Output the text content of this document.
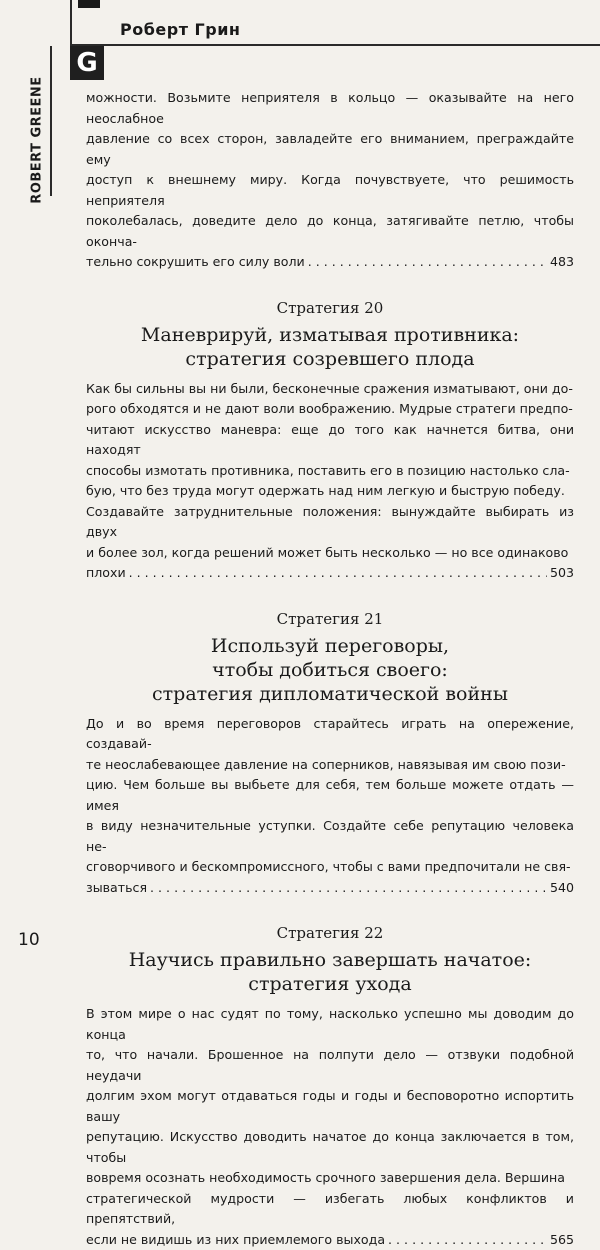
Роберт Грин
G
ROBERT GREENE	можности. Возьмите неприятеля в кольцо — оказывайте на него неослабное

давление со всех сторон, завладейте его вниманием, преграждайте ему

доступ к внешнему миру. Когда почувствуете, что решимость неприятеля

поколебалась, доведите дело до конца, затягивайте петлю, чтобы оконча-

тельно сокрушить его силу воли . . .	483
Стратегия 20
Маневрируй, изматывая противника:
стратегия созревшего плода

Как бы сильны вы ни были, бесконечные сражения изматывают, они до-

рого обходятся и не дают воли воображению. Мудрые стратеги предпо-

читают искусство маневра: еще до того как начнется битва, они находят

способы измотать противника, поставить его в позицию настолько сла-

бую, что без труда могут одержать над ним легкую и быструю победу.

Создавайте затруднительные положения: вынуждайте выбирать из двух

и более зол, когда решений может быть несколько — но все одинаково

плохи . . .	503
Стратегия 21
Используй переговоры,
чтобы добиться своего:
стратегия дипломатической войны

До и во время переговоров старайтесь играть на опережение, создавай-

те неослабевающее давление на соперников, навязывая им свою пози-

цию. Чем больше вы выбьете для себя, тем больше можете отдать — имея

в виду незначительные уступки. Создайте себе репутацию человека не-

сговорчивого и бескомпромиссного, чтобы с вами предпочитали не свя-

зываться . . .	540
Стратегия 22
Научись правильно завершать начатое:
стратегия ухода

В этом мире о нас судят по тому, насколько успешно мы доводим до конца

то, что начали. Брошенное на полпути дело — отзвуки подобной неудачи

долгим эхом могут отдаваться годы и годы и бесповоротно испортить вашу

репутацию. Искусство доводить начатое до конца заключается в том, чтобы

вовремя осознать необходимость срочного завершения дела. Вершина

стратегической мудрости — избегать любых конфликтов и препятствий,

если не видишь из них приемлемого выхода . . .	565
10
